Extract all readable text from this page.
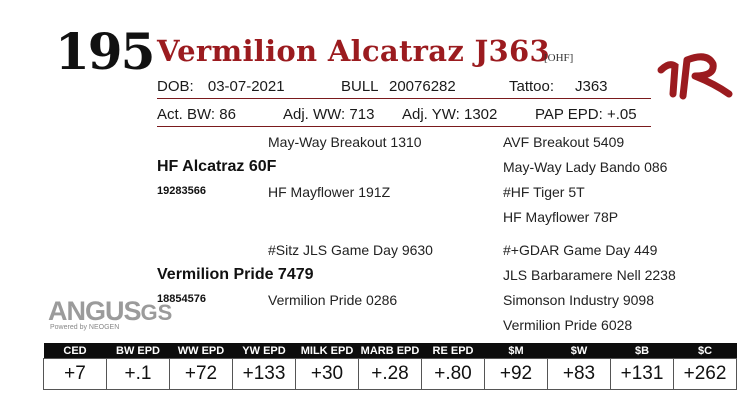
195 Vermilion Alcatraz J363
[OHF]
DOB: 03-07-2021	BULL 20076282	Tattoo: J363
Act. BW: 86	Adj. WW: 713 Adj. YW: 1302	PAP EPD: +.05
May-Way Breakout 1310
HF Alcatraz 60F
19283566	HF Mayflower 191Z
AVF Breakout 5409
May-Way Lady Bando 086
#HF Tiger 5T
HF Mayflower 78P
#Sitz JLS Game Day 9630
Vermilion Pride 7479
18854576	Vermilion Pride 0286
#+GDAR Game Day 449
JLS Barbaramere Nell 2238
Simonson Industry 9098
Vermilion Pride 6028
ANGUSGS
Powered by NEOGEN
CED	BW EPD	WW EPD	YW EPD	MILK EPD	MARB EPD	RE EPD	$M	$W	$B	$C
+7	+.1	+72	+133	+30	+.28	+.80	+92	+83	+131	+262
